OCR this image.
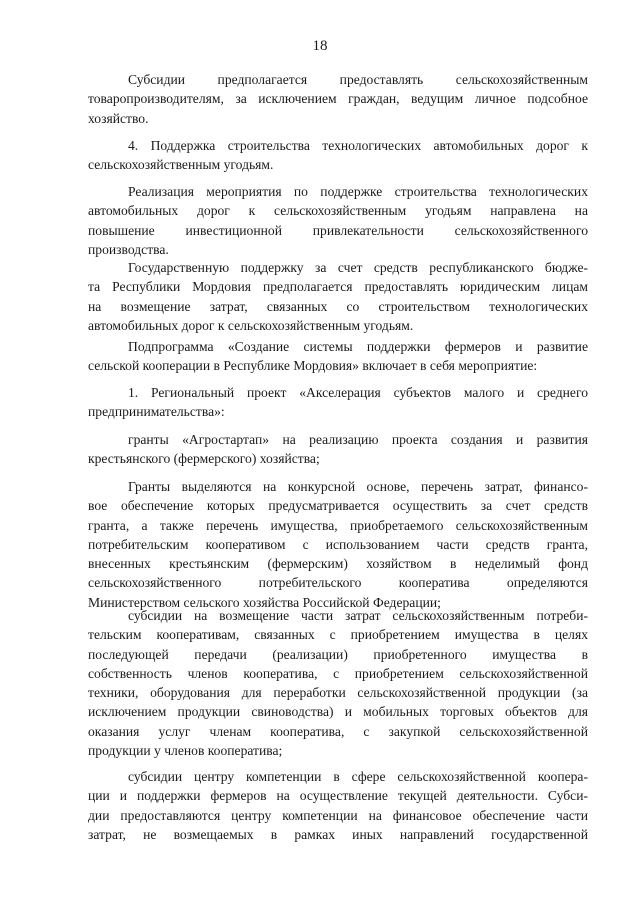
18
Субсидии предполагается предоставлять сельскохозяйственным
товаропроизводителям, за исключением граждан, ведущим личное подсобное
хозяйство.
4. Поддержка строительства технологических автомобильных дорог к
сельскохозяйственным угодьям.
Реализация мероприятия по поддержке строительства технологических
автомобильных дорог к сельскохозяйственным угодьям направлена на
повышение инвестиционной привлекательности сельскохозяйственного
производства.
Государственную поддержку за счет средств республиканского бюдже-
та Республики Мордовия предполагается предоставлять юридическим лицам
на возмещение затрат, связанных со строительством технологических
автомобильных дорог к сельскохозяйственным угодьям.
Подпрограмма «Создание системы поддержки фермеров и развитие
сельской кооперации в Республике Мордовия» включает в себя мероприятие:
1. Региональный проект «Акселерация субъектов малого и среднего
предпринимательства»:
гранты «Агростартап» на реализацию проекта создания и развития
крестьянского (фермерского) хозяйства;
Гранты выделяются на конкурсной основе, перечень затрат, финансо-
вое обеспечение которых предусматривается осуществить за счет средств
гранта, а также перечень имущества, приобретаемого сельскохозяйственным
потребительским кооперативом с использованием части средств гранта,
внесенных крестьянским (фермерским) хозяйством в неделимый фонд
сельскохозяйственного потребительского кооператива определяются
Министерством сельского хозяйства Российской Федерации;
субсидии на возмещение части затрат сельскохозяйственным потреби-
тельским кооперативам, связанных с приобретением имущества в целях
последующей передачи (реализации) приобретенного имущества в
собственность членов кооператива, с приобретением сельскохозяйственной
техники, оборудования для переработки сельскохозяйственной продукции (за
исключением продукции свиноводства) и мобильных торговых объектов для
оказания услуг членам кооператива, с закупкой сельскохозяйственной
продукции у членов кооператива;
субсидии центру компетенции в сфере сельскохозяйственной коопера-
ции и поддержки фермеров на осуществление текущей деятельности. Субси-
дии предоставляются центру компетенции на финансовое обеспечение части
затрат, не возмещаемых в рамках иных направлений государственной
